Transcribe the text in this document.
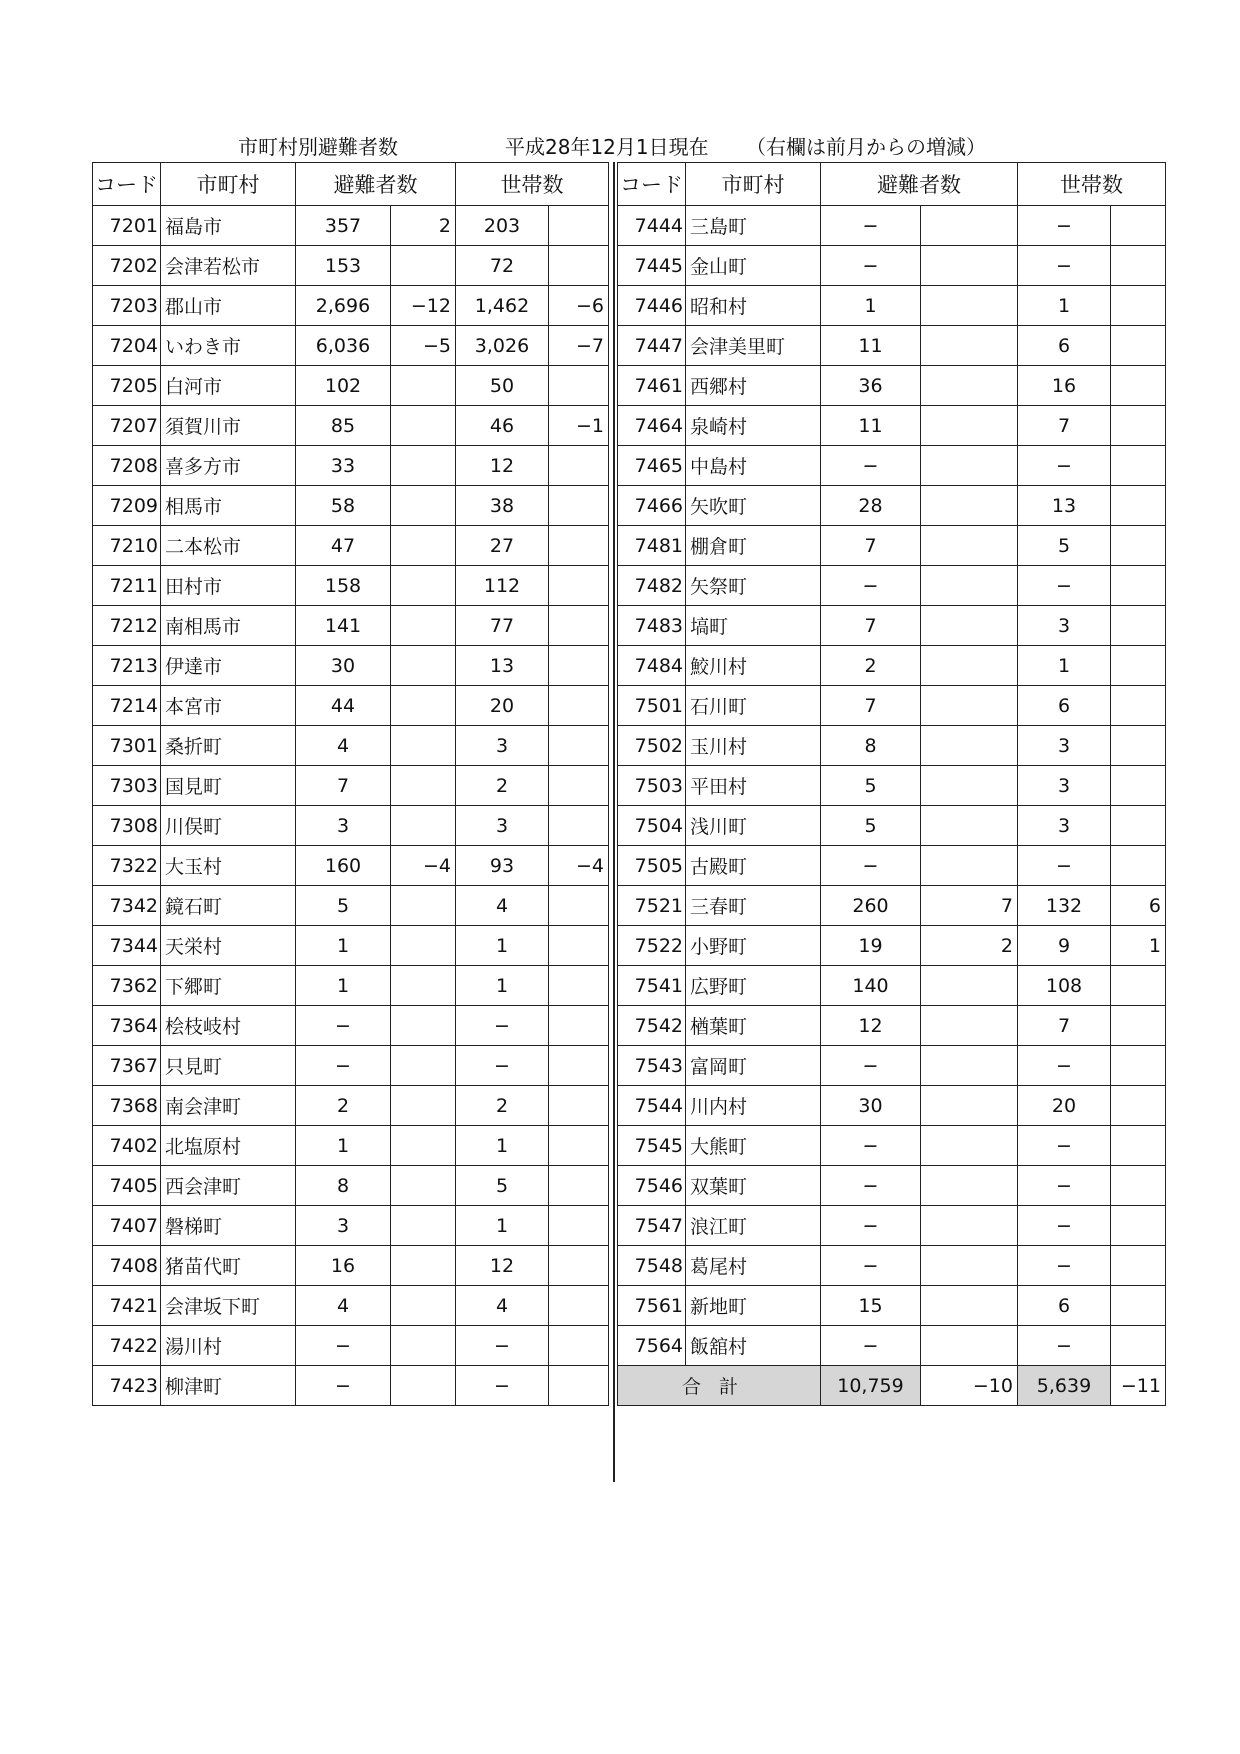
市町村別避難者数	平成28年12月1日現在 （右欄は前月からの増減）
コード	市町村	避難者数		世帯数	
7201	福島市	357	2	203	
7202	会津若松市	153		72	
7203	郡山市	2,696	−12	1,462	−6
7204	いわき市	6,036	−5	3,026	−7
7205	白河市	102		50	
7207	須賀川市	85		46	−1
7208	喜多方市	33		12	
7209	相馬市	58		38	
7210	二本松市	47		27	
7211	田村市	158		112	
7212	南相馬市	141		77	
7213	伊達市	30		13	
7214	本宮市	44		20	
7301	桑折町	4		3	
7303	国見町	7		2	
7308	川俣町	3		3	
7322	大玉村	160	−4	93	−4
7342	鏡石町	5		4	
7344	天栄村	1		1	
7362	下郷町	1		1	
7364	桧枝岐村	−		−	
7367	只見町	−		−	
7368	南会津町	2		2	
7402	北塩原村	1		1	
7405	西会津町	8		5	
7407	磐梯町	3		1	
7408	猪苗代町	16		12	
7421	会津坂下町	4		4	
7422	湯川村	−		−	
7423	柳津町	−		−	
コード	市町村	避難者数		世帯数	
7444	三島町	−		−	
7445	金山町	−		−	
7446	昭和村	1		1	
7447	会津美里町	11		6	
7461	西郷村	36		16	
7464	泉崎村	11		7	
7465	中島村	−		−	
7466	矢吹町	28		13	
7481	棚倉町	7		5	
7482	矢祭町	−		−	
7483	塙町	7		3	
7484	鮫川村	2		1	
7501	石川町	7		6	
7502	玉川村	8		3	
7503	平田村	5		3	
7504	浅川町	5		3	
7505	古殿町	−		−	
7521	三春町	260	7	132	6
7522	小野町	19	2	9	1
7541	広野町	140		108	
7542	楢葉町	12		7	
7543	富岡町	−		−	
7544	川内村	30		20	
7545	大熊町	−		−	
7546	双葉町	−		−	
7547	浪江町	−		−	
7548	葛尾村	−		−	
7561	新地町	15		6	
7564	飯舘村	−		−	
合計		10,759	−10	5,639	−11
